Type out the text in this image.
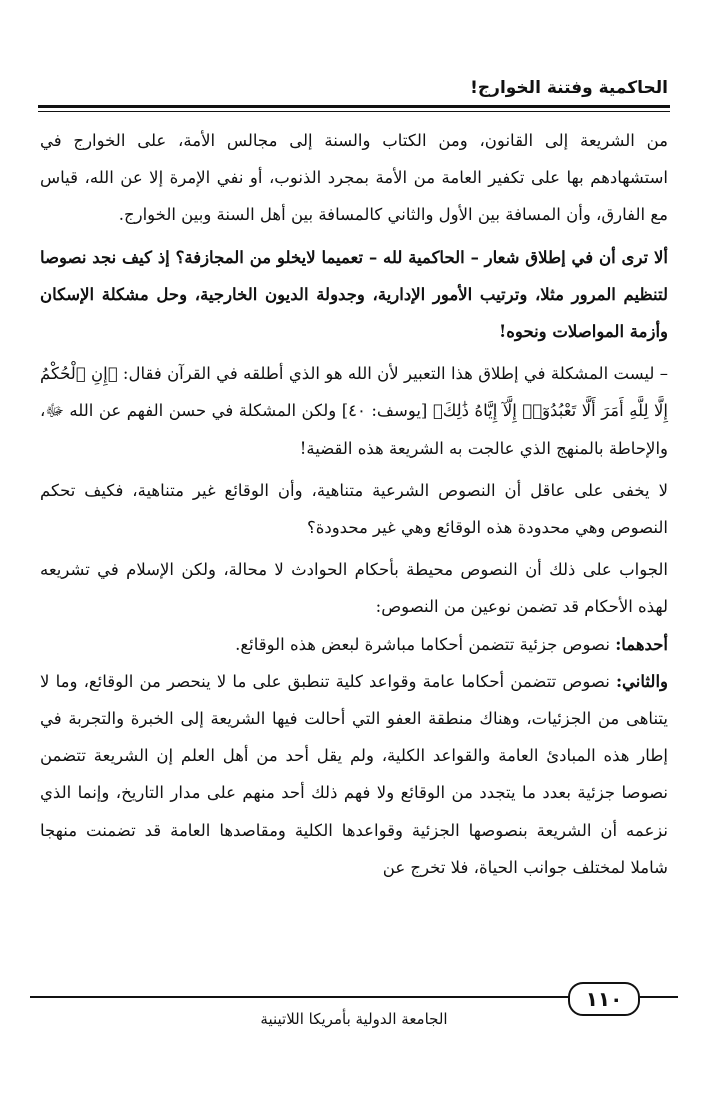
الحاكمية وفتنة الخوارج!

من الشريعة إلى القانون، ومن الكتاب والسنة إلى مجالس الأمة، على الخوارج في استشهادهم بها على تكفير العامة من الأمة بمجرد الذنوب، أو نفي الإمرة إلا عن الله، قياس مع الفارق، وأن المسافة بين الأول والثاني كالمسافة بين أهل السنة وبين الخوارج.

ألا ترى أن في إطلاق شعار – الحاكمية لله – تعميما لايخلو من المجازفة؟ إذ كيف نجد نصوصا لتنظيم المرور مثلا، وترتيب الأمور الإدارية، وجدولة الديون الخارجية، وحل مشكلة الإسكان وأزمة المواصلات ونحوه!

– ليست المشكلة في إطلاق هذا التعبير لأن الله هو الذي أطلقه في القرآن فقال: ﴿إِنِ ٱلْحُكْمُ إِلَّا لِلَّهِ أَمَرَ أَلَّا تَعْبُدُوٓا۟ إِلَّآ إِيَّاهُ ذَٰلِكَ﴾ [يوسف: ٤٠] ولكن المشكلة في حسن الفهم عن الله ﷻ، والإحاطة بالمنهج الذي عالجت به الشريعة هذه القضية!

لا يخفى على عاقل أن النصوص الشرعية متناهية، وأن الوقائع غير متناهية، فكيف تحكم النصوص وهي محدودة هذه الوقائع وهي غير محدودة؟

الجواب على ذلك أن النصوص محيطة بأحكام الحوادث لا محالة، ولكن الإسلام في تشريعه لهذه الأحكام قد تضمن نوعين من النصوص:

أحدهما: نصوص جزئية تتضمن أحكاما مباشرة لبعض هذه الوقائع.

والثاني: نصوص تتضمن أحكاما عامة وقواعد كلية تنطبق على ما لا ينحصر من الوقائع، وما لا يتناهى من الجزئيات، وهناك منطقة العفو التي أحالت فيها الشريعة إلى الخبرة والتجربة في إطار هذه المبادئ العامة والقواعد الكلية، ولم يقل أحد من أهل العلم إن الشريعة تتضمن نصوصا جزئية بعدد ما يتجدد من الوقائع ولا فهم ذلك أحد منهم على مدار التاريخ، وإنما الذي نزعمه أن الشريعة بنصوصها الجزئية وقواعدها الكلية ومقاصدها العامة قد تضمنت منهجا شاملا لمختلف جوانب الحياة، فلا تخرج عن

١١٠
الجامعة الدولية بأمريكا اللاتينية
